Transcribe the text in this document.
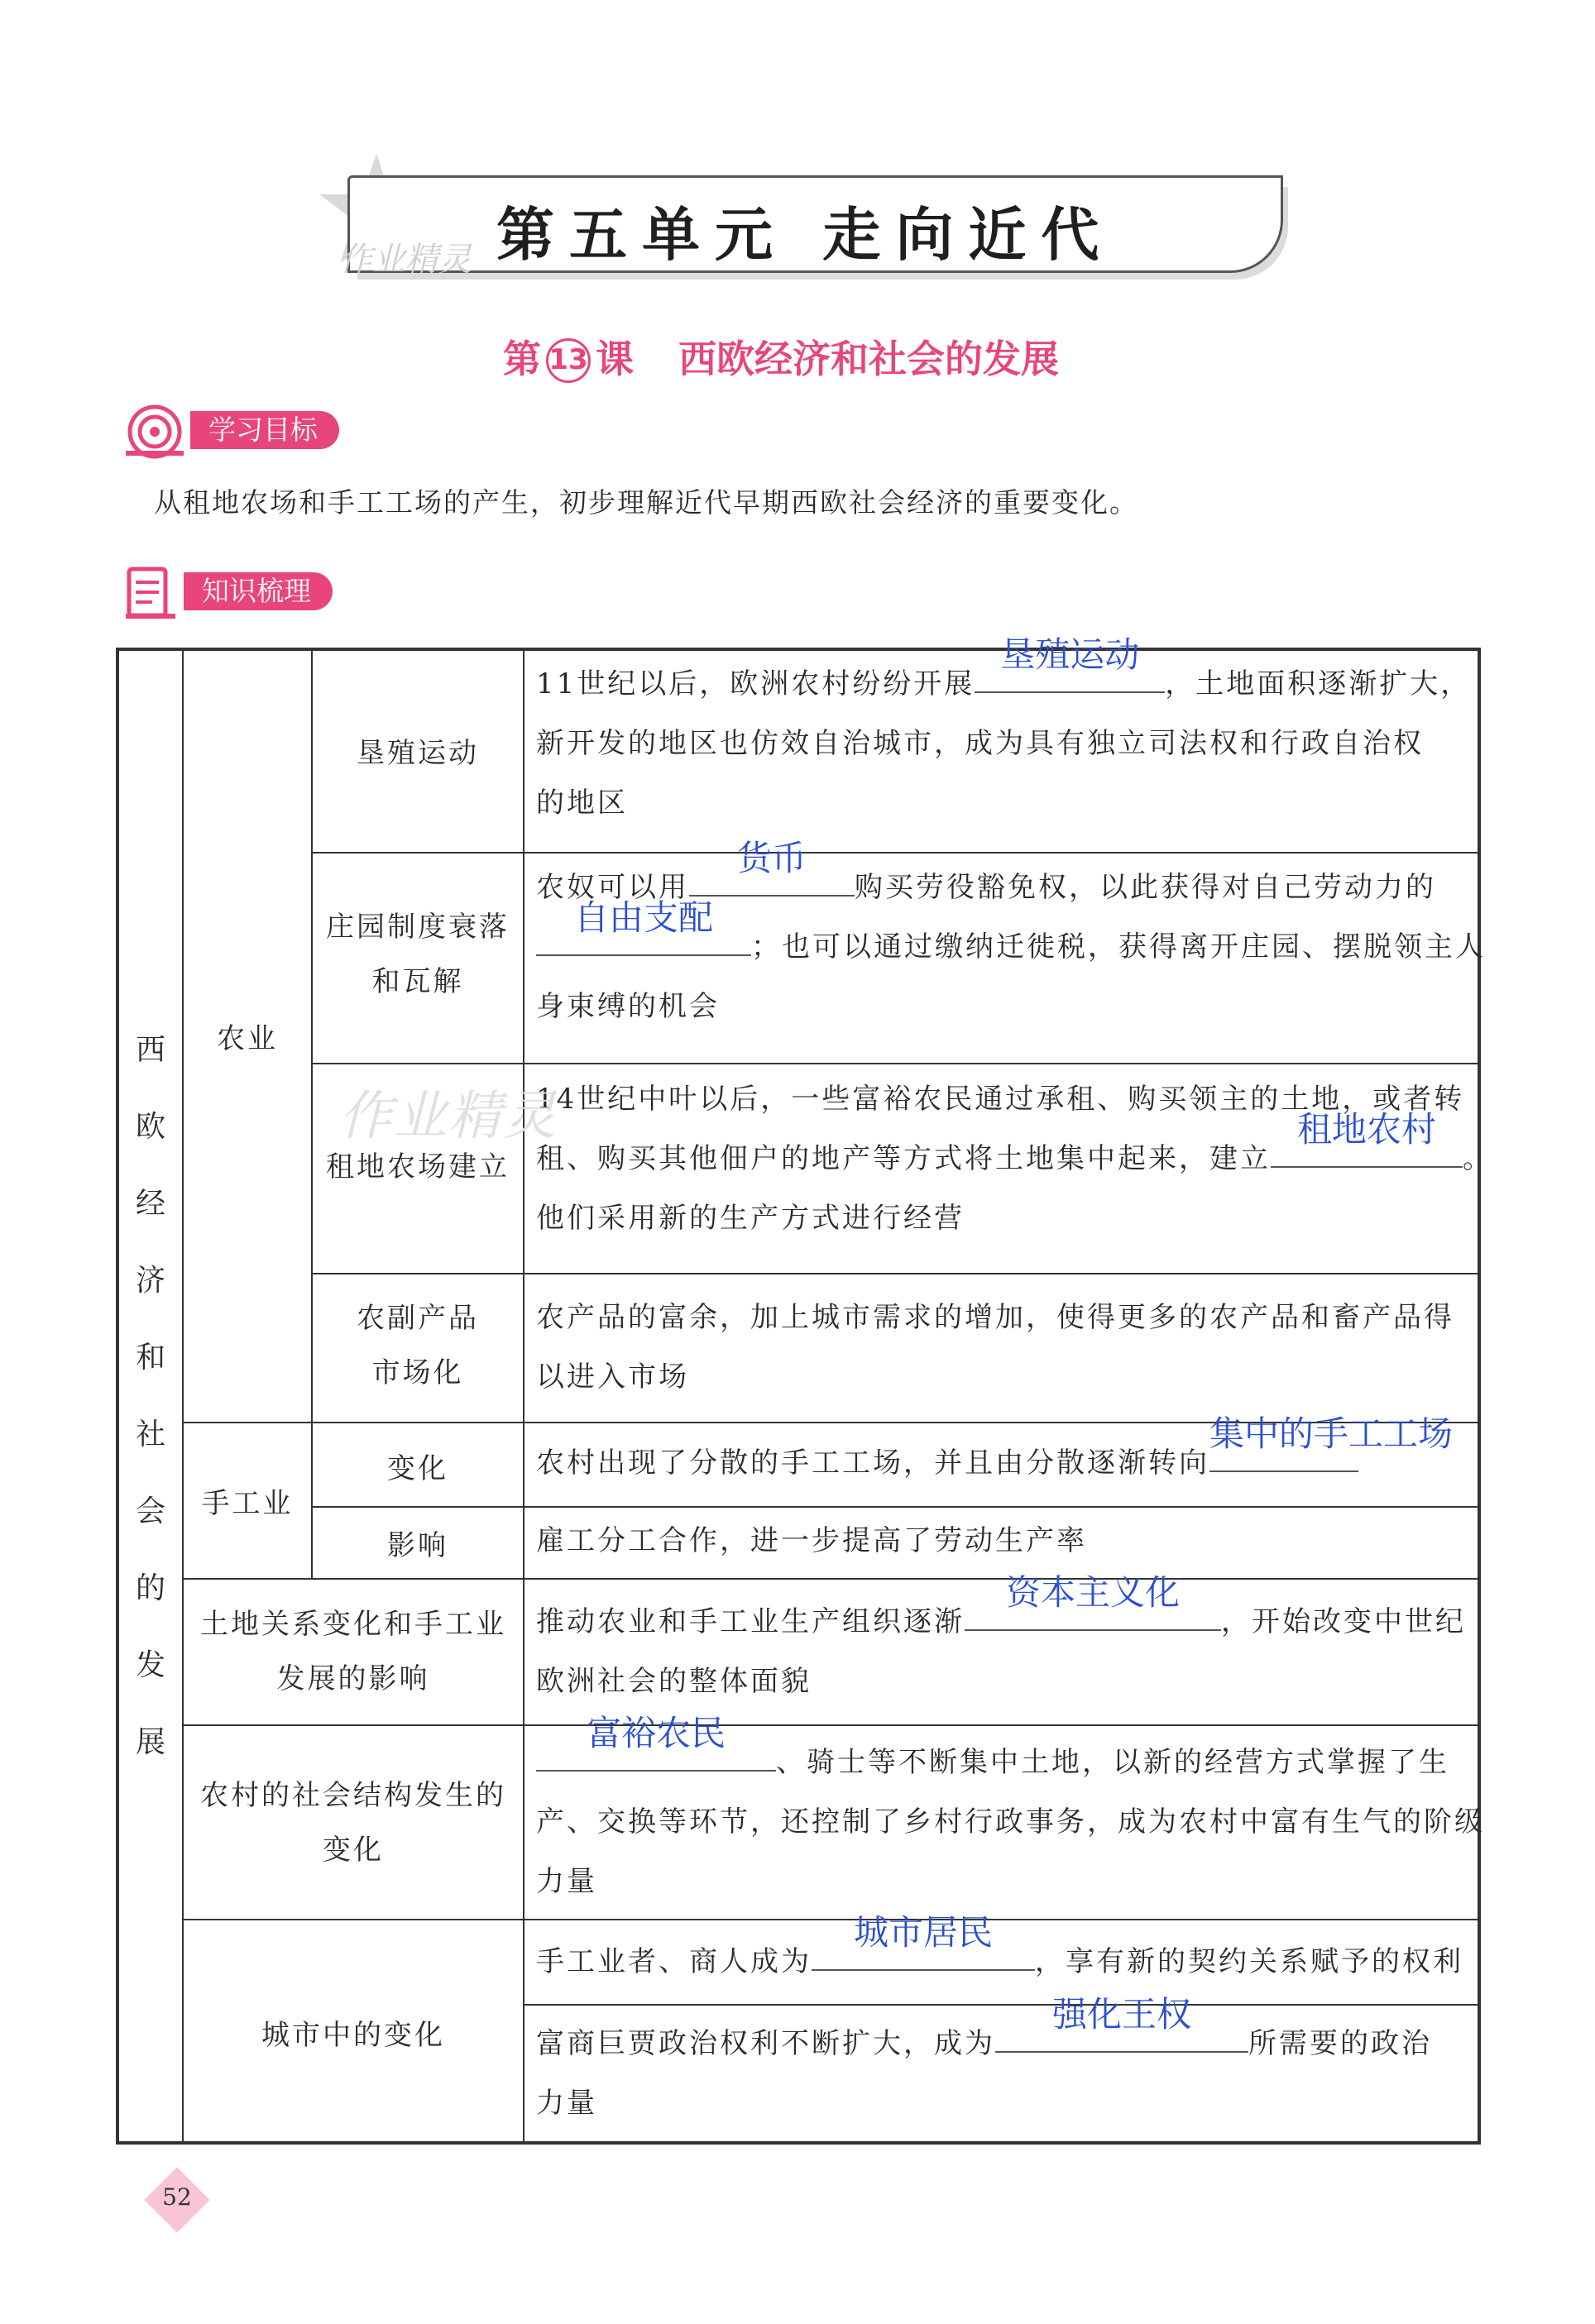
作业精灵 第五单元 走向近代
第 13 课 西欧经济和社会的发展
学习目标
从租地农场和手工工场的产生，初步理解近代早期西欧社会经济的重要变化。
知识梳理
西
欧
经
济
和
社
会
的
发
展
农业
手工业
垦殖运动
11世纪以后，欧洲农村纷纷开展
垦殖运动
，土地面积逐渐扩大，
新开发的地区也仿效自治城市，成为具有独立司法权和行政自治权
的地区
庄园制度衰落
和瓦解
农奴可以用
货币
购买劳役豁免权，以此获得对自己劳动力的
自由支配
；也可以通过缴纳迁徙税，获得离开庄园、摆脱领主人
身束缚的机会
租地农场建立
14世纪中叶以后，一些富裕农民通过承租、购买领主的土地，或者转
租、购买其他佃户的地产等方式将土地集中起来，建立
租地农村
。
他们采用新的生产方式进行经营
农副产品
市场化
农产品的富余，加上城市需求的增加，使得更多的农产品和畜产品得
以进入市场
变化	农村出现了分散的手工工场，并且由分散逐渐转向
集中的手工工场
影响	雇工分工合作，进一步提高了劳动生产率
土地关系变化和手工业
发展的影响
推动农业和手工业生产组织逐渐
资本主义化
，开始改变中世纪
欧洲社会的整体面貌
农村的社会结构发生的
变化
富裕农民
、骑士等不断集中土地，以新的经营方式掌握了生
产、交换等环节，还控制了乡村行政事务，成为农村中富有生气的阶级
力量
城市中的变化
手工业者、商人成为
城市居民
，享有新的契约关系赋予的权利
富商巨贾政治权利不断扩大，成为
强化王权
所需要的政治
力量
作业精灵
52
